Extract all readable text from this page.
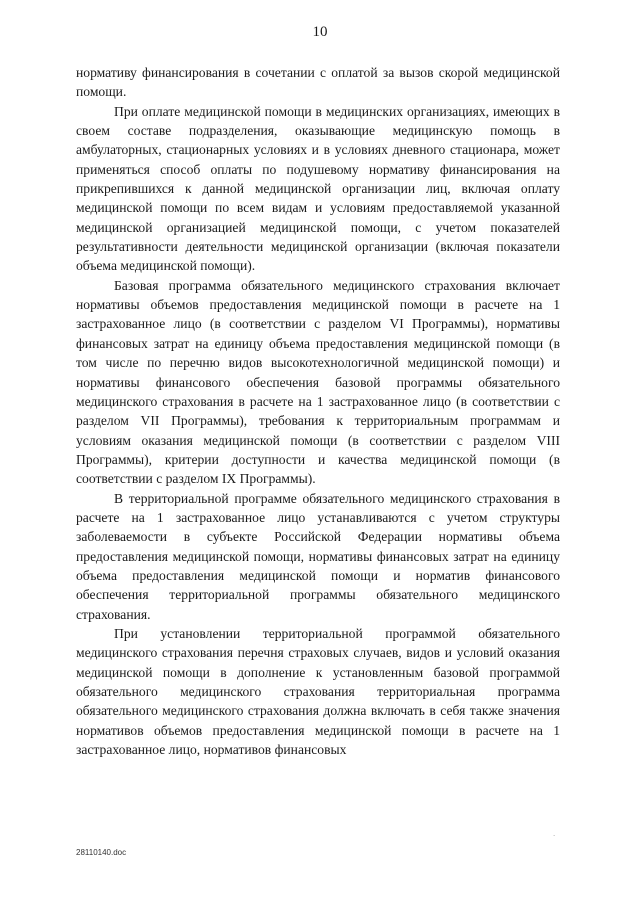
10

нормативу финансирования в сочетании с оплатой за вызов скорой медицинской помощи.

При оплате медицинской помощи в медицинских организациях, имеющих в своем составе подразделения, оказывающие медицинскую помощь в амбулаторных, стационарных условиях и в условиях дневного стационара, может применяться способ оплаты по подушевому нормативу финансирования на прикрепившихся к данной медицинской организации лиц, включая оплату медицинской помощи по всем видам и условиям предоставляемой указанной медицинской организацией медицинской помощи, с учетом показателей результативности деятельности медицинской организации (включая показатели объема медицинской помощи).

Базовая программа обязательного медицинского страхования включает нормативы объемов предоставления медицинской помощи в расчете на 1 застрахованное лицо (в соответствии с разделом VI Программы), нормативы финансовых затрат на единицу объема предоставления медицинской помощи (в том числе по перечню видов высокотехнологичной медицинской помощи) и нормативы финансового обеспечения базовой программы обязательного медицинского страхования в расчете на 1 застрахованное лицо (в соответствии с разделом VII Программы), требования к территориальным программам и условиям оказания медицинской помощи (в соответствии с разделом VIII Программы), критерии доступности и качества медицинской помощи (в соответствии с разделом IX Программы).

В территориальной программе обязательного медицинского страхования в расчете на 1 застрахованное лицо устанавливаются с учетом структуры заболеваемости в субъекте Российской Федерации нормативы объема предоставления медицинской помощи, нормативы финансовых затрат на единицу объема предоставления медицинской помощи и норматив финансового обеспечения территориальной программы обязательного медицинского страхования.

При установлении территориальной программой обязательного медицинского страхования перечня страховых случаев, видов и условий оказания медицинской помощи в дополнение к установленным базовой программой обязательного медицинского страхования территориальная программа обязательного медицинского страхования должна включать в себя также значения нормативов объемов предоставления медицинской помощи в расчете на 1 застрахованное лицо, нормативов финансовых

.
28110140.doc
